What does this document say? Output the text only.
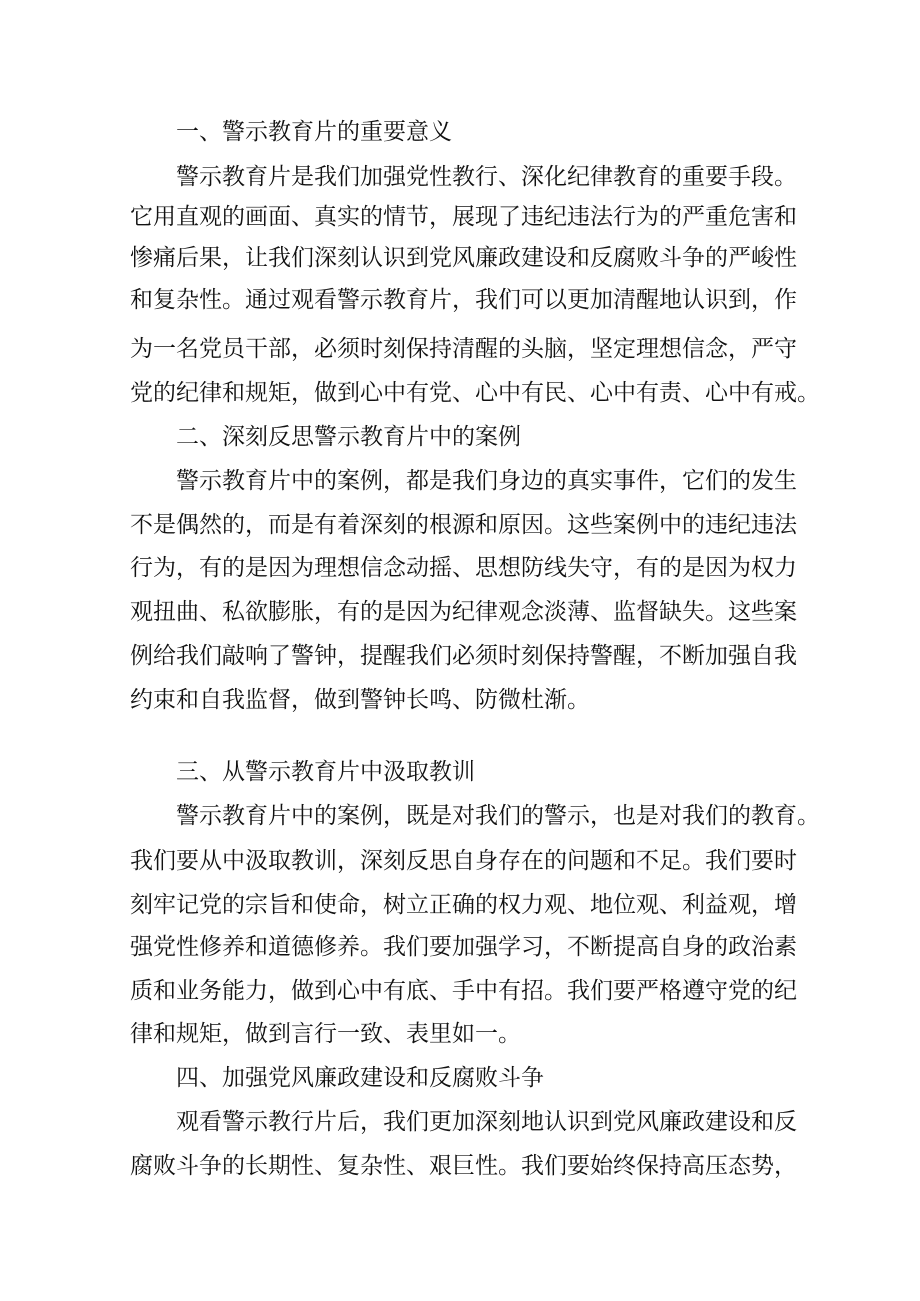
一、警示教育片的重要意义
警示教育片是我们加强党性教行、深化纪律教育的重要手段。
它用直观的画面、真实的情节，展现了违纪违法行为的严重危害和
惨痛后果，让我们深刻认识到党风廉政建设和反腐败斗争的严峻性
和复杂性。通过观看警示教育片，我们可以更加清醒地认识到，作
为一名党员干部，必须时刻保持清醒的头脑，坚定理想信念，严守
党的纪律和规矩，做到心中有党、心中有民、心中有责、心中有戒。
二、深刻反思警示教育片中的案例
警示教育片中的案例，都是我们身边的真实事件，它们的发生
不是偶然的，而是有着深刻的根源和原因。这些案例中的违纪违法
行为，有的是因为理想信念动摇、思想防线失守，有的是因为权力
观扭曲、私欲膨胀，有的是因为纪律观念淡薄、监督缺失。这些案
例给我们敲响了警钟，提醒我们必须时刻保持警醒，不断加强自我
约束和自我监督，做到警钟长鸣、防微杜渐。
三、从警示教育片中汲取教训
警示教育片中的案例，既是对我们的警示，也是对我们的教育。
我们要从中汲取教训，深刻反思自身存在的问题和不足。我们要时
刻牢记党的宗旨和使命，树立正确的权力观、地位观、利益观，增
强党性修养和道德修养。我们要加强学习，不断提高自身的政治素
质和业务能力，做到心中有底、手中有招。我们要严格遵守党的纪
律和规矩，做到言行一致、表里如一。
四、加强党风廉政建设和反腐败斗争
观看警示教行片后，我们更加深刻地认识到党风廉政建设和反
腐败斗争的长期性、复杂性、艰巨性。我们要始终保持高压态势，
